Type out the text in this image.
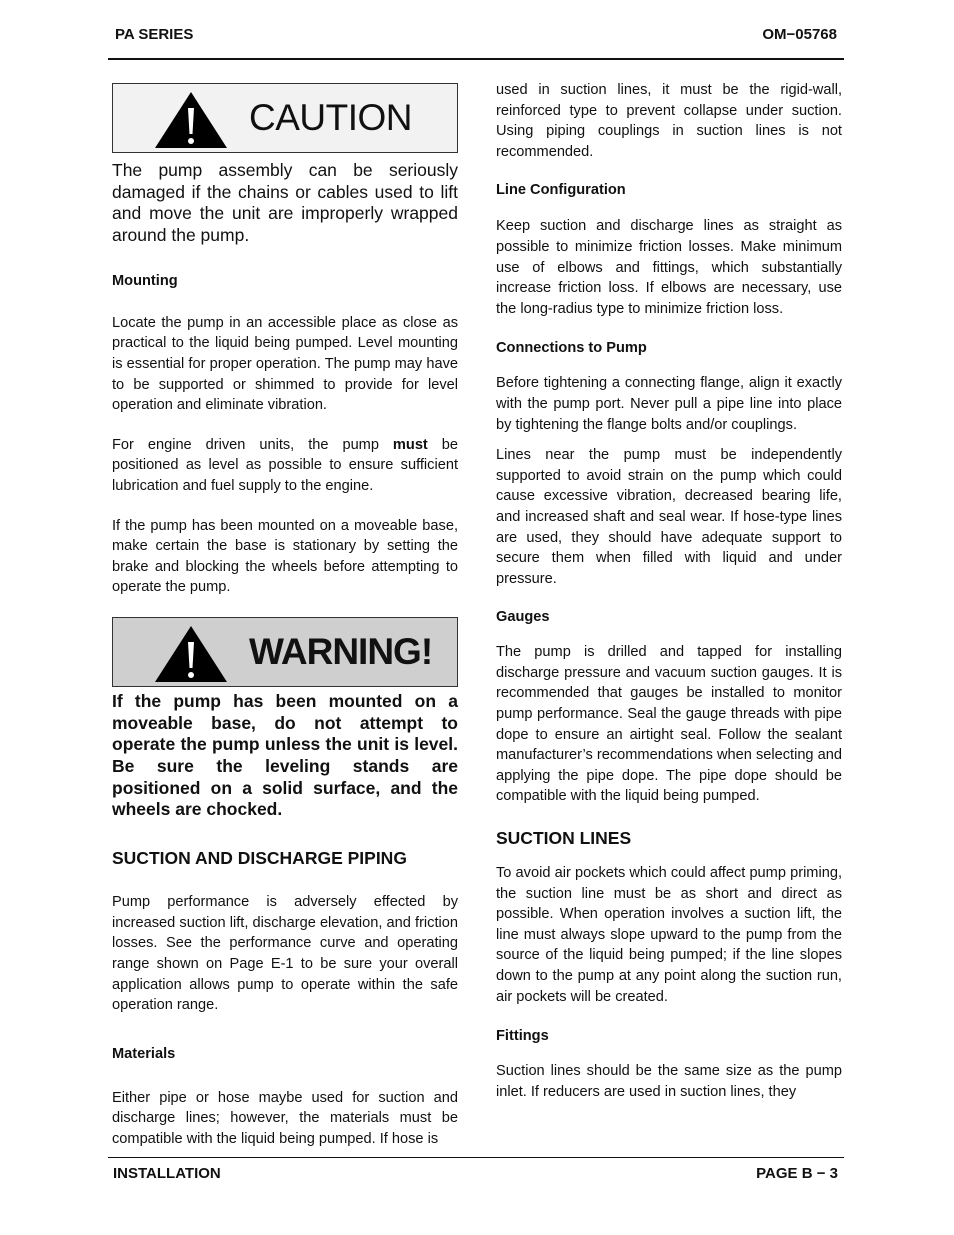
PA SERIES	OM−05768
CAUTION

The pump assembly can be seriously damaged if the chains or cables used to lift and move the unit are improperly wrapped around the pump.

Mounting

Locate the pump in an accessible place as close as practical to the liquid being pumped. Level mounting is essential for proper operation. The pump may have to be supported or shimmed to provide for level operation and eliminate vibration.

For engine driven units, the pump must be positioned as level as possible to ensure sufficient lubrication and fuel supply to the engine.

If the pump has been mounted on a moveable base, make certain the base is stationary by setting the brake and blocking the wheels before attempting to operate the pump.

WARNING!

If the pump has been mounted on a moveable base, do not attempt to operate the pump unless the unit is level. Be sure the leveling stands are positioned on a solid surface, and the wheels are chocked.

SUCTION AND DISCHARGE PIPING

Pump performance is adversely effected by increased suction lift, discharge elevation, and friction losses. See the performance curve and operating range shown on Page E-1 to be sure your overall application allows pump to operate within the safe operation range.

Materials

Either pipe or hose maybe used for suction and discharge lines; however, the materials must be compatible with the liquid being pumped. If hose is

used in suction lines, it must be the rigid-wall, reinforced type to prevent collapse under suction. Using piping couplings in suction lines is not recommended.

Line Configuration

Keep suction and discharge lines as straight as possible to minimize friction losses. Make minimum use of elbows and fittings, which substantially increase friction loss. If elbows are necessary, use the long-radius type to minimize friction loss.

Connections to Pump

Before tightening a connecting flange, align it exactly with the pump port. Never pull a pipe line into place by tightening the flange bolts and/or couplings.

Lines near the pump must be independently supported to avoid strain on the pump which could cause excessive vibration, decreased bearing life, and increased shaft and seal wear. If hose-type lines are used, they should have adequate support to secure them when filled with liquid and under pressure.

Gauges

The pump is drilled and tapped for installing discharge pressure and vacuum suction gauges. It is recommended that gauges be installed to monitor pump performance. Seal the gauge threads with pipe dope to ensure an airtight seal. Follow the sealant manufacturer’s recommendations when selecting and applying the pipe dope. The pipe dope should be compatible with the liquid being pumped.

SUCTION LINES

To avoid air pockets which could affect pump priming, the suction line must be as short and direct as possible. When operation involves a suction lift, the line must always slope upward to the pump from the source of the liquid being pumped; if the line slopes down to the pump at any point along the suction run, air pockets will be created.

Fittings

Suction lines should be the same size as the pump inlet. If reducers are used in suction lines, they

INSTALLATION	PAGE B − 3
